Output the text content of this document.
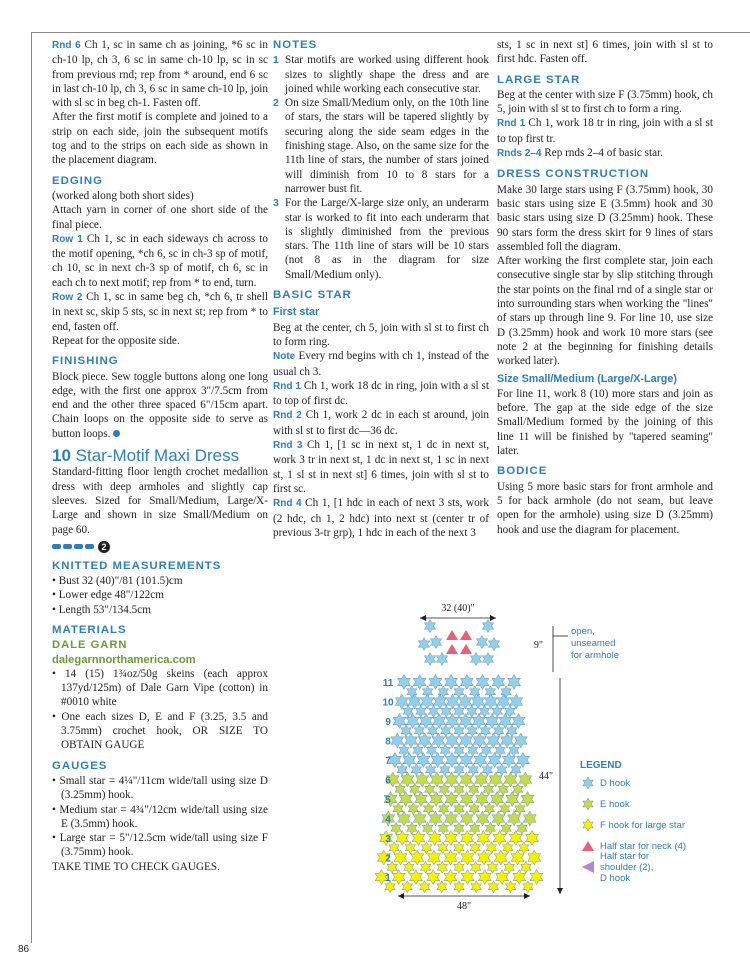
Rnd 6 Ch 1, sc in same ch as joining, *6 sc in ch-10 lp, ch 3, 6 sc in same ch-10 lp, sc in sc from previous rnd; rep from * around, end 6 sc in last ch-10 lp, ch 3, 6 sc in same ch-10 lp, join with sl sc in beg ch-1. Fasten off.

After the first motif is complete and joined to a strip on each side, join the subsequent motifs tog and to the strips on each side as shown in the placement diagram.

EDGING

(worked along both short sides)

Attach yarn in corner of one short side of the final piece.

Row 1 Ch 1, sc in each sideways ch across to the motif opening, *ch 6, sc in ch-3 sp of motif, ch 10, sc in next ch-3 sp of motif, ch 6, sc in each ch to next motif; rep from * to end, turn.

Row 2 Ch 1, sc in same beg ch, *ch 6, tr shell in next sc, skip 5 sts, sc in next st; rep from * to end, fasten off.

Repeat for the opposite side.

FINISHING

Block piece. Sew toggle buttons along one long edge, with the first one approx 3"/7.5cm from end and the other three spaced 6"/15cm apart. Chain loops on the opposite side to serve as button loops.

10 Star-Motif Maxi Dress

Standard-fitting floor length crochet medallion dress with deep armholes and slightly cap sleeves. Sized for Small/Medium, Large/X-Large and shown in size Small/Medium on page 60.

2
KNITTED MEASUREMENTS
• Bust 32 (40)"/81 (101.5)cm
• Lower edge 48"/122cm
• Length 53"/134.5cm
MATERIALS
DALE GARN
dalegarnnorthamerica.com
• 14 (15) 1¾oz/50g skeins (each approx 137yd/125m) of Dale Garn Vipe (cotton) in #0010 white
• One each sizes D, E and F (3.25, 3.5 and 3.75mm) crochet hook, OR SIZE TO OBTAIN GAUGE
GAUGES
• Small star = 4¼"/11cm wide/tall using size D (3.25mm) hook.
• Medium star = 4¾"/12cm wide/tall using size E (3.5mm) hook.
• Large star = 5"/12.5cm wide/tall using size F (3.75mm) hook.

TAKE TIME TO CHECK GAUGES.

NOTES
1 Star motifs are worked using different hook sizes to slightly shape the dress and are joined while working each consecutive star.
2 On size Small/Medium only, on the 10th line of stars, the stars will be tapered slightly by securing along the side seam edges in the finishing stage. Also, on the same size for the 11th line of stars, the number of stars joined will diminish from 10 to 8 stars for a narrower bust fit.
3 For the Large/X-large size only, an underarm star is worked to fit into each underarm that is slightly diminished from the previous stars. The 11th line of stars will be 10 stars (not 8 as in the diagram for size Small/Medium only).
BASIC STAR
First star

Beg at the center, ch 5, join with sl st to first ch to form ring.

Note Every rnd begins with ch 1, instead of the usual ch 3.

Rnd 1 Ch 1, work 18 dc in ring, join with a sl st to top of first dc.

Rnd 2 Ch 1, work 2 dc in each st around, join with sl st to first dc—36 dc.

Rnd 3 Ch 1, [1 sc in next st, 1 dc in next st, work 3 tr in next st, 1 dc in next st, 1 sc in next st, 1 sl st in next st] 6 times, join with sl st to first sc.

Rnd 4 Ch 1, [1 hdc in each of next 3 sts, work (2 hdc, ch 1, 2 hdc) into next st (center tr of previous 3-tr grp), 1 hdc in each of the next 3

sts, 1 sc in next st] 6 times, join with sl st to first hdc. Fasten off.

LARGE STAR

Beg at the center with size F (3.75mm) hook, ch 5, join with sl st to first ch to form a ring.

Rnd 1 Ch 1, work 18 tr in ring, join with a sl st to top first tr.

Rnds 2–4 Rep rnds 2–4 of basic star.

DRESS CONSTRUCTION

Make 30 large stars using F (3.75mm) hook, 30 basic stars using size E (3.5mm) hook and 30 basic stars using size D (3.25mm) hook. These 90 stars form the dress skirt for 9 lines of stars assembled foll the diagram.

After working the first complete star, join each consecutive single star by slip stitching through the star points on the final rnd of a single star or into surrounding stars when working the "lines" of stars up through line 9. For line 10, use size D (3.25mm) hook and work 10 more stars (see note 2 at the beginning for finishing details worked later).

Size Small/Medium (Large/X-Large)

For line 11, work 8 (10) more stars and join as before. The gap at the side edge of the size Small/Medium formed by the joining of this line 11 will be finished by "tapered seaming" later.

BODICE

Using 5 more basic stars for front armhole and 5 for back armhole (do not seam, but leave open for the armhole) using size D (3.25mm) hook and use the diagram for placement.

11
10
9
8
7
6
5
4
3
2
1
32 (40)"
9"
open,
unseamed
for armhole
44"
48"
LEGEND
D hook
E hook
F hook for large star
Half star for neck (4)
Half star for
shoulder (2),
D hook
86
